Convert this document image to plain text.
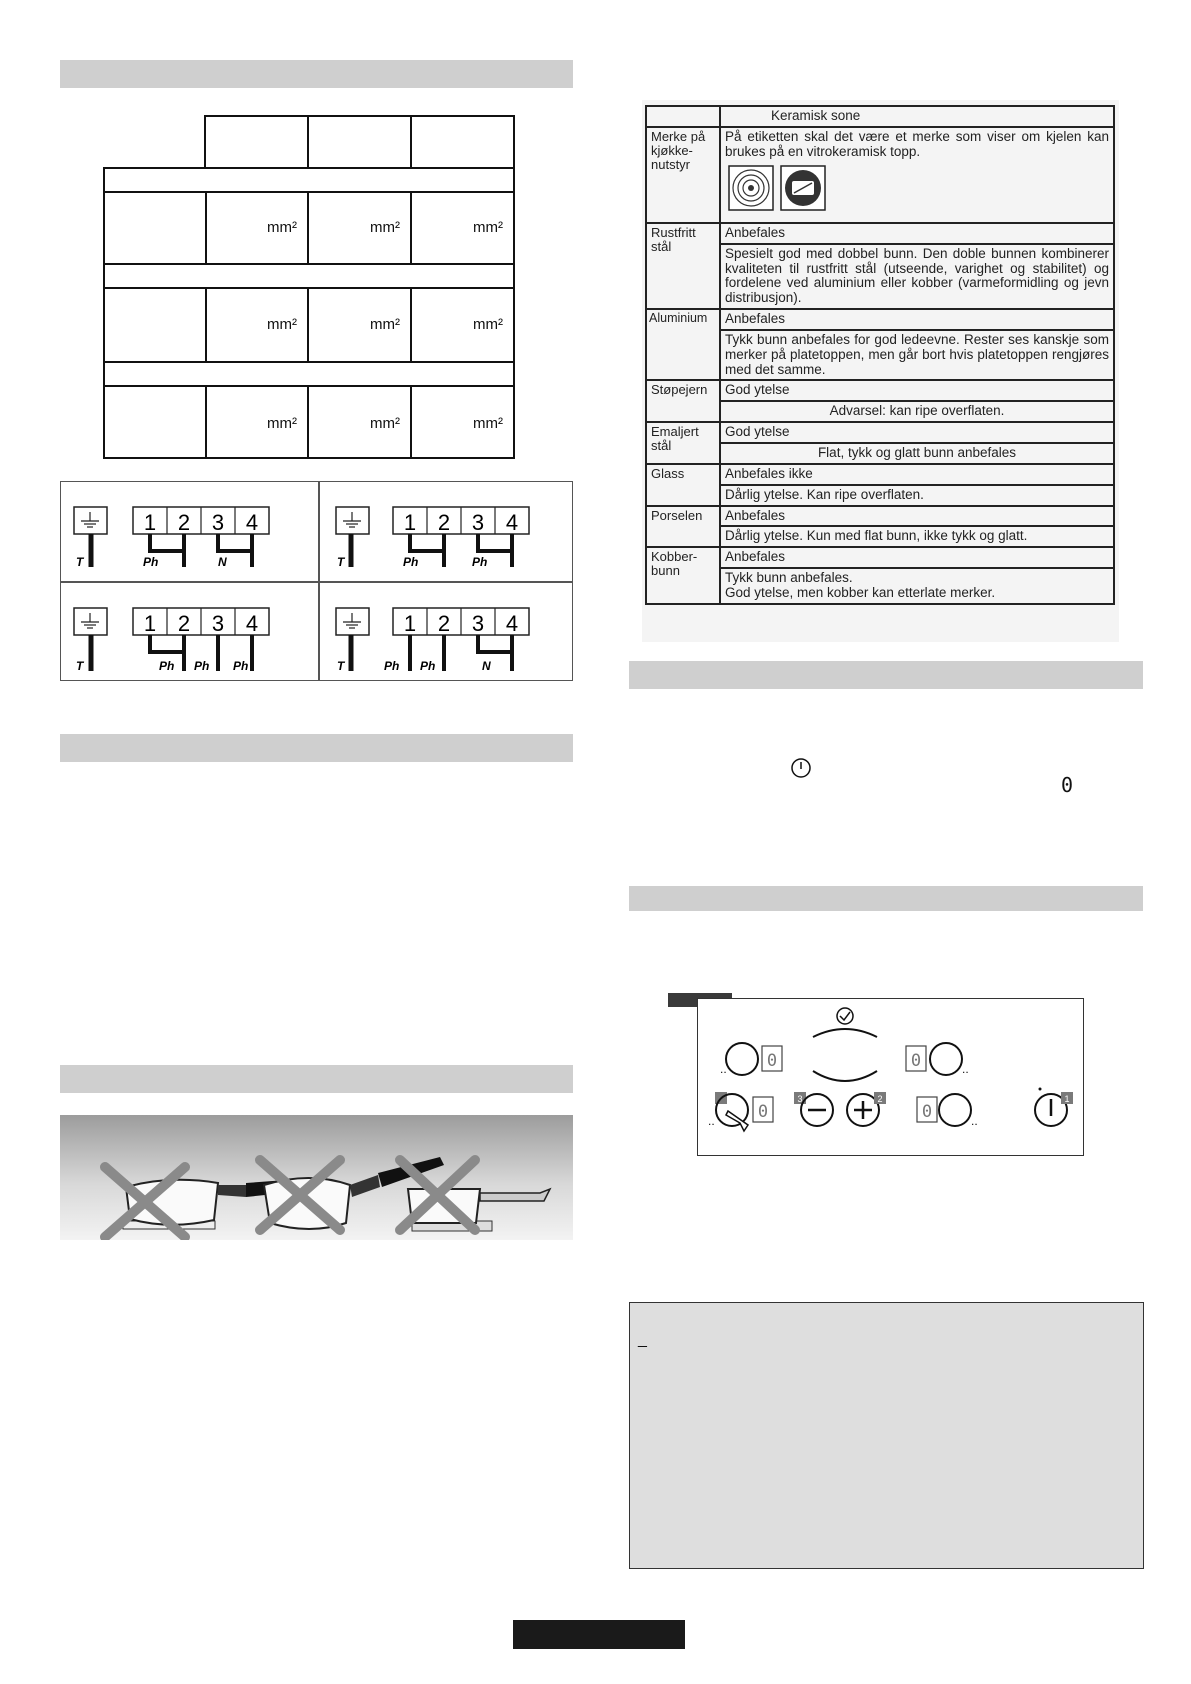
mm²	mm²	mm²
mm²	mm²	mm²
mm²	mm²	mm²
1 2 3 4
T	Ph	N
1 2 3 4
T	Ph	Ph
1 2 3 4
T	Ph Ph Ph
1 2 3 4
T	Ph Ph	N
	Keramisk sone
Merke på kjøkke-nutstyr	På etiketten skal det være et merke som viser om kjelen kan brukes på en vitrokeramisk topp.

Rustfritt stål	Anbefales
	Spesielt god med dobbel bunn. Den doble bunnen kombinerer kvaliteten til rustfritt stål (utseende, varighet og stabilitet) og fordelene ved aluminium eller kobber (varmeformidling og jevn distribusjon).
Aluminium	Anbefales
	Tykk bunn anbefales for god ledeevne. Rester ses kanskje som merker på platetoppen, men går bort hvis platetoppen rengjøres med det samme.
Støpejern	God ytelse
	Advarsel: kan ripe overflaten.
Emaljert stål	God ytelse
	Flat, tykk og glatt bunn anbefales
Glass	Anbefales ikke
	Dårlig ytelse. Kan ripe overflaten.
Porselen	Anbefales
	Dårlig ytelse. Kun med flat bunn, ikke tykk og glatt.
Kobber-bunn	Anbefales
	Tykk bunn anbefales.
God ytelse, men kobber kan etterlate merker.
0
0
..	0	..
0
..
3	2
0	..
1
_
